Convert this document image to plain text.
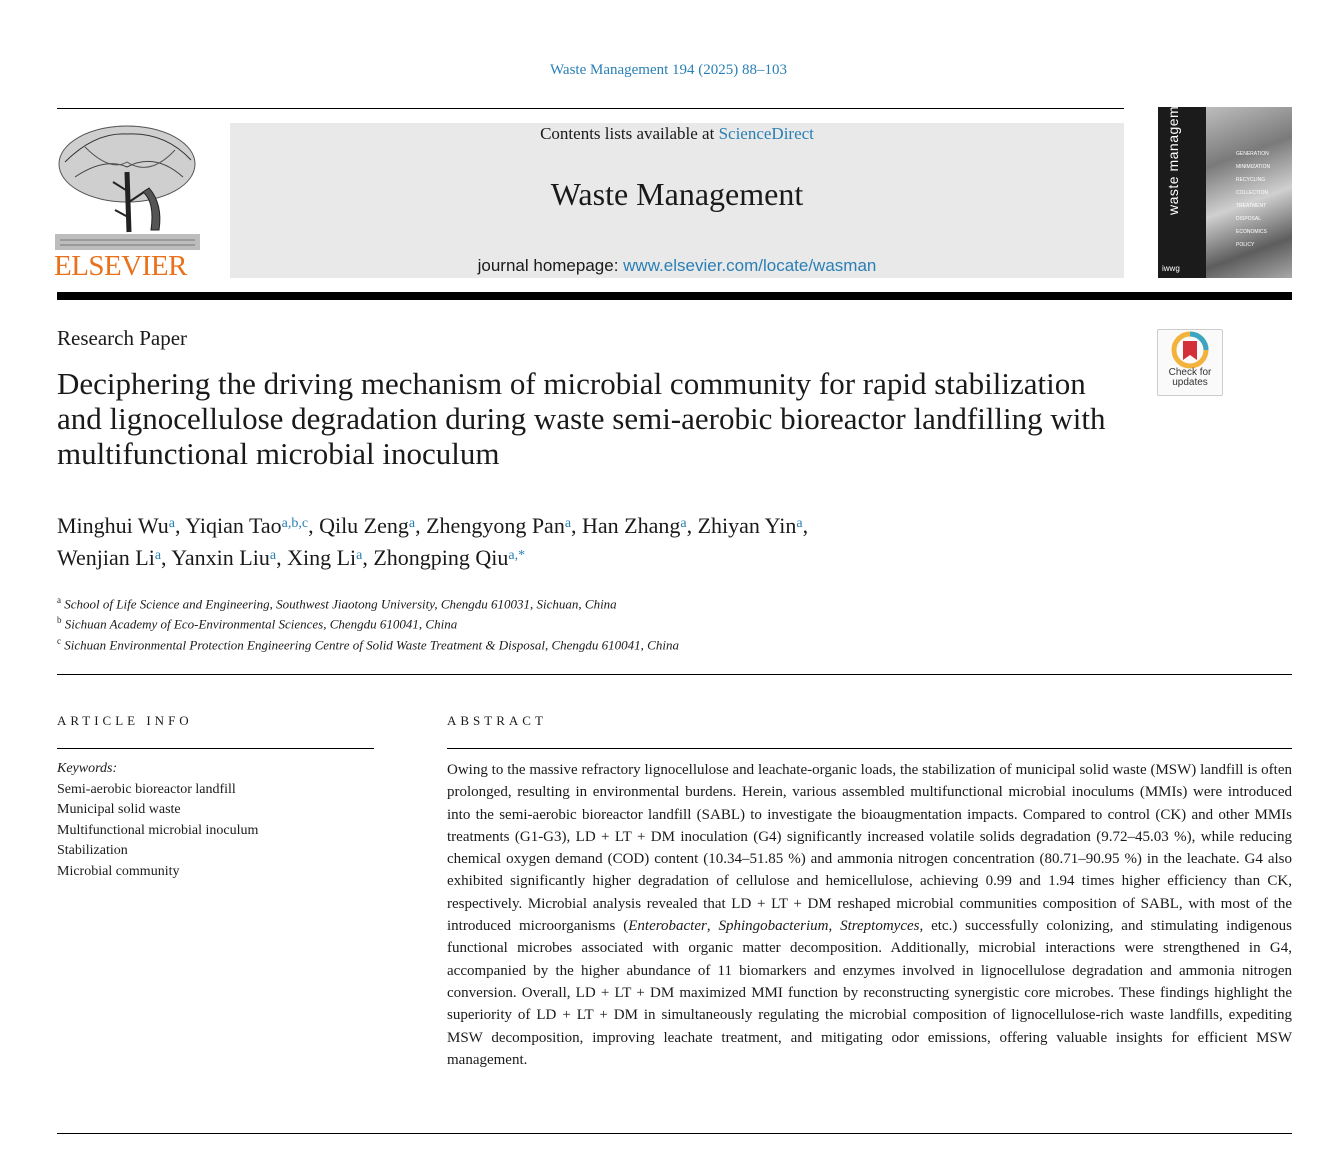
Waste Management 194 (2025) 88–103
ELSEVIER
Contents lists available at ScienceDirect
Waste Management
journal homepage: www.elsevier.com/locate/wasman
GENERATION
MINIMIZATION
RECYCLING
COLLECTION
TREATMENT
DISPOSAL
ECONOMICS
POLICY
iwwg
Research Paper
Check for updates
Deciphering the driving mechanism of microbial community for rapid stabilization and lignocellulose degradation during waste semi-aerobic bioreactor landfilling with multifunctional microbial inoculum
Minghui Wu$^a$, Yiqian Tao$^{a,b,c}$, Qilu Zeng$^a$, Zhengyong Pan$^a$, Han Zhang$^a$, Zhiyan Yin$^a$,
Wenjian Li$^a$, Yanxin Liu$^a$, Xing Li$^a$, Zhongping Qiu$^{a,*}$
$^a$ School of Life Science and Engineering, Southwest Jiaotong University, Chengdu 610031, Sichuan, China
$^b$ Sichuan Academy of Eco-Environmental Sciences, Chengdu 610041, China
$^c$ Sichuan Environmental Protection Engineering Centre of Solid Waste Treatment & Disposal, Chengdu 610041, China
ARTICLE INFO	ABSTRACT
Keywords:
Semi-aerobic bioreactor landfill
Municipal solid waste
Multifunctional microbial inoculum
Stabilization
Microbial community
Owing to the massive refractory lignocellulose and leachate-organic loads, the stabilization of municipal solid waste (MSW) landfill is often prolonged, resulting in environmental burdens. Herein, various assembled multifunctional microbial inoculums (MMIs) were introduced into the semi-aerobic bioreactor landfill (SABL) to investigate the bioaugmentation impacts. Compared to control (CK) and other MMIs treatments (G1-G3), LD + LT + DM inoculation (G4) significantly increased volatile solids degradation (9.72–45.03 %), while reducing chemical oxygen demand (COD) content (10.34–51.85 %) and ammonia nitrogen concentration (80.71–90.95 %) in the leachate. G4 also exhibited significantly higher degradation of cellulose and hemicellulose, achieving 0.99 and 1.94 times higher efficiency than CK, respectively. Microbial analysis revealed that LD + LT + DM reshaped microbial communities composition of SABL, with most of the introduced microorganisms (Enterobacter, Sphingobacterium, Streptomyces, etc.) successfully colonizing, and stimulating indigenous functional microbes associated with organic matter decomposition. Additionally, microbial interactions were strengthened in G4, accompanied by the higher abundance of 11 biomarkers and enzymes involved in lignocellulose degradation and ammonia nitrogen conversion. Overall, LD + LT + DM maximized MMI function by reconstructing synergistic core microbes. These findings highlight the superiority of LD + LT + DM in simultaneously regulating the microbial composition of lignocellulose-rich waste landfills, expediting MSW decomposition, improving leachate treatment, and mitigating odor emissions, offering valuable insights for efficient MSW management.
